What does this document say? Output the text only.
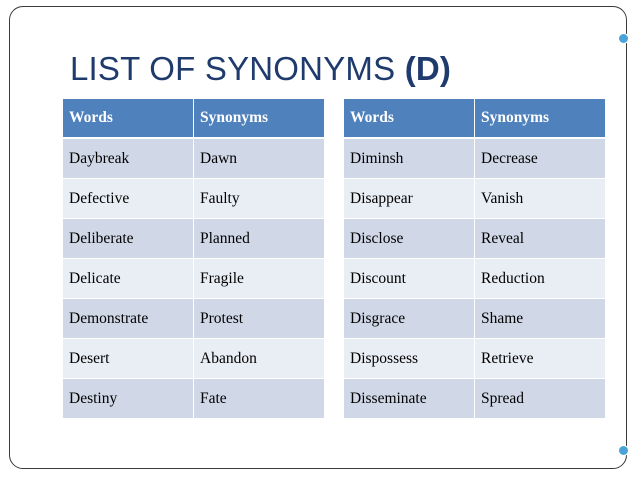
LIST OF SYNONYMS (D)
Words	Synonyms
Daybreak	Dawn
Defective	Faulty
Deliberate	Planned
Delicate	Fragile
Demonstrate	Protest
Desert	Abandon
Destiny	Fate
Words	Synonyms
Diminsh	Decrease
Disappear	Vanish
Disclose	Reveal
Discount	Reduction
Disgrace	Shame
Dispossess	Retrieve
Disseminate	Spread
